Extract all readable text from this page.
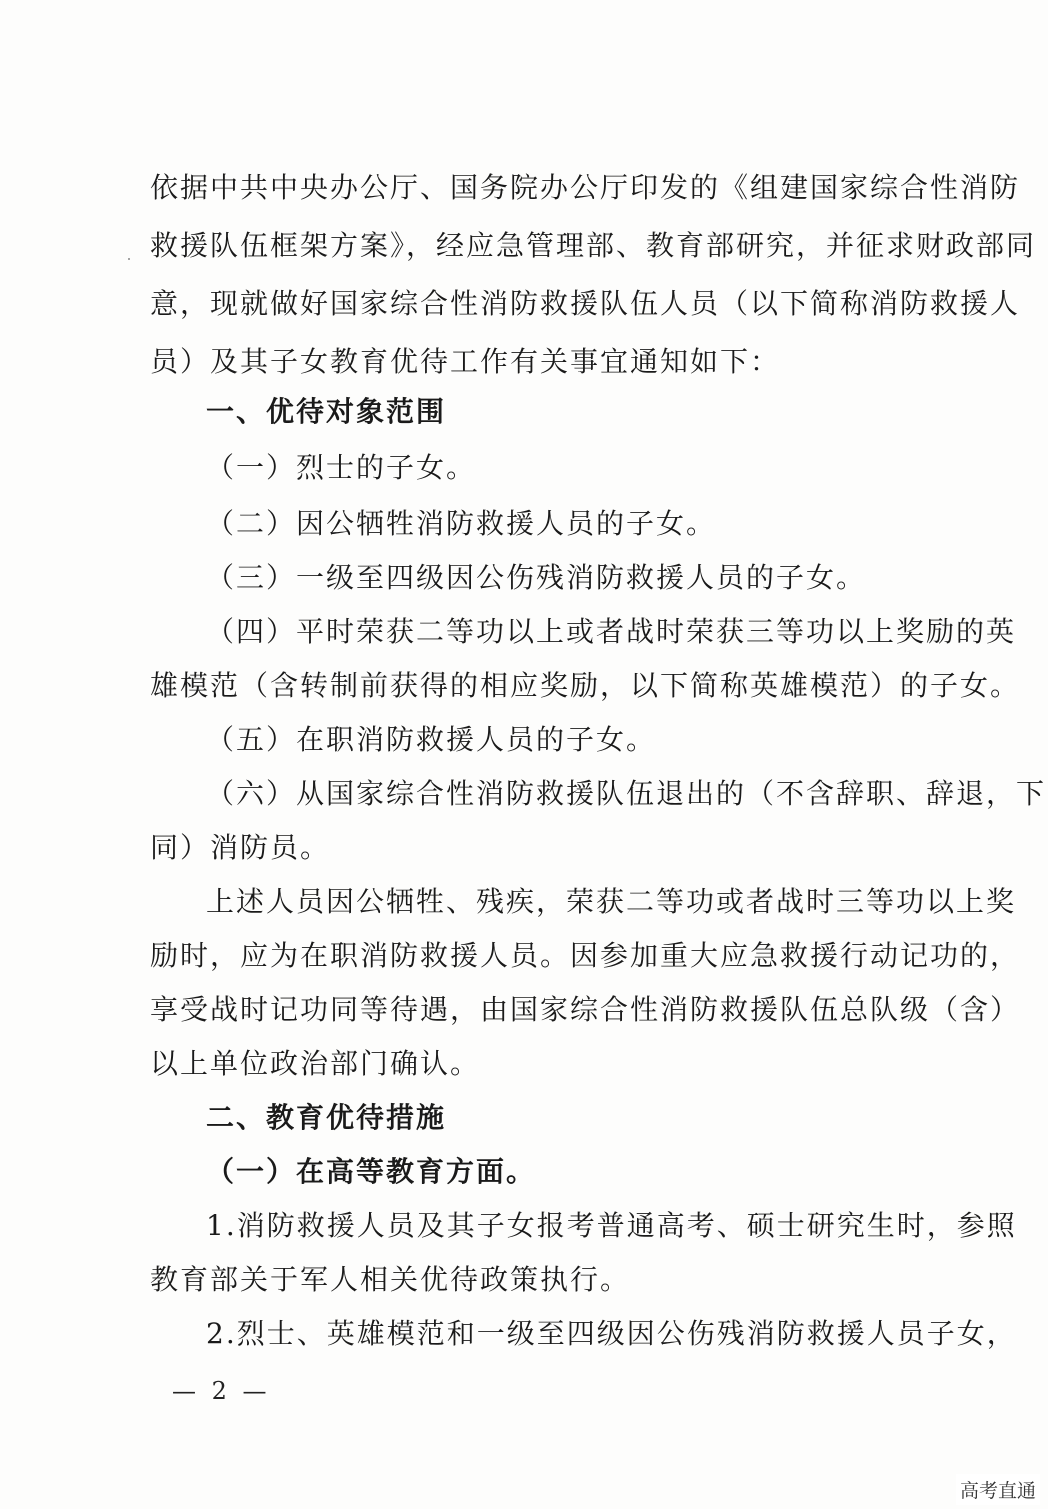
依据中共中央办公厅、国务院办公厅印发的《组建国家综合性消防
救援队伍框架方案》，经应急管理部、教育部研究，并征求财政部同
意，现就做好国家综合性消防救援队伍人员（以下简称消防救援人
员）及其子女教育优待工作有关事宜通知如下：
一、优待对象范围
（一）烈士的子女。
（二）因公牺牲消防救援人员的子女。
（三）一级至四级因公伤残消防救援人员的子女。
（四）平时荣获二等功以上或者战时荣获三等功以上奖励的英
雄模范（含转制前获得的相应奖励，以下简称英雄模范）的子女。
（五）在职消防救援人员的子女。
（六）从国家综合性消防救援队伍退出的（不含辞职、辞退，下
同）消防员。
上述人员因公牺牲、残疾，荣获二等功或者战时三等功以上奖
励时，应为在职消防救援人员。因参加重大应急救援行动记功的，
享受战时记功同等待遇，由国家综合性消防救援队伍总队级（含）
以上单位政治部门确认。
二、教育优待措施
（一）在高等教育方面。
1.消防救援人员及其子女报考普通高考、硕士研究生时，参照
教育部关于军人相关优待政策执行。
2.烈士、英雄模范和一级至四级因公伤残消防救援人员子女，
— 2 —
高考直通
